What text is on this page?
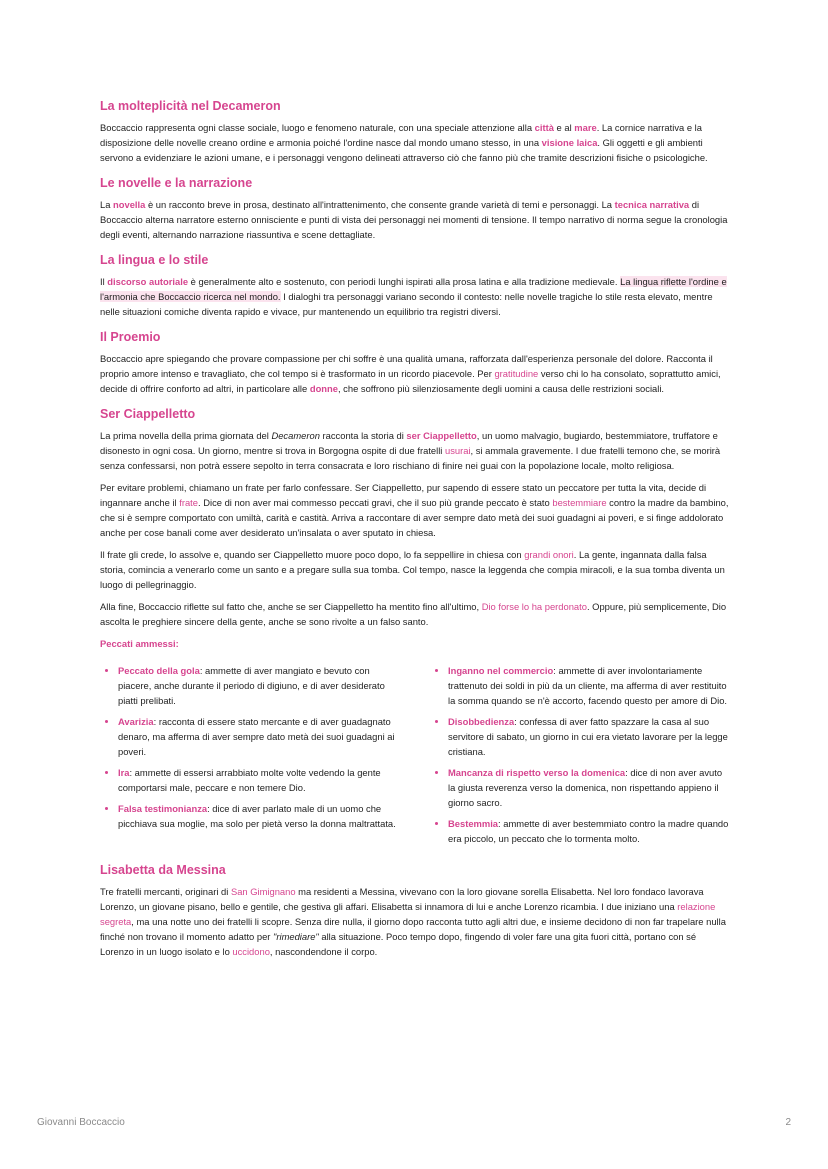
La molteplicità nel Decameron

Boccaccio rappresenta ogni classe sociale, luogo e fenomeno naturale, con una speciale attenzione alla città e al mare. La cornice narrativa e la disposizione delle novelle creano ordine e armonia poiché l'ordine nasce dal mondo umano stesso, in una visione laica. Gli oggetti e gli ambienti servono a evidenziare le azioni umane, e i personaggi vengono delineati attraverso ciò che fanno più che tramite descrizioni fisiche o psicologiche.

Le novelle e la narrazione

La novella è un racconto breve in prosa, destinato all'intrattenimento, che consente grande varietà di temi e personaggi. La tecnica narrativa di Boccaccio alterna narratore esterno onnisciente e punti di vista dei personaggi nei momenti di tensione. Il tempo narrativo di norma segue la cronologia degli eventi, alternando narrazione riassuntiva e scene dettagliate.

La lingua e lo stile

Il discorso autoriale è generalmente alto e sostenuto, con periodi lunghi ispirati alla prosa latina e alla tradizione medievale. La lingua riflette l'ordine e l'armonia che Boccaccio ricerca nel mondo. I dialoghi tra personaggi variano secondo il contesto: nelle novelle tragiche lo stile resta elevato, mentre nelle situazioni comiche diventa rapido e vivace, pur mantenendo un equilibrio tra registri diversi.

Il Proemio

Boccaccio apre spiegando che provare compassione per chi soffre è una qualità umana, rafforzata dall'esperienza personale del dolore. Racconta il proprio amore intenso e travagliato, che col tempo si è trasformato in un ricordo piacevole. Per gratitudine verso chi lo ha consolato, soprattutto amici, decide di offrire conforto ad altri, in particolare alle donne, che soffrono più silenziosamente degli uomini a causa delle restrizioni sociali.

Ser Ciappelletto

La prima novella della prima giornata del Decameron racconta la storia di ser Ciappelletto, un uomo malvagio, bugiardo, bestemmiatore, truffatore e disonesto in ogni cosa. Un giorno, mentre si trova in Borgogna ospite di due fratelli usurai, si ammala gravemente. I due fratelli temono che, se morirà senza confessarsi, non potrà essere sepolto in terra consacrata e loro rischiano di finire nei guai con la popolazione locale, molto religiosa.

Per evitare problemi, chiamano un frate per farlo confessare. Ser Ciappelletto, pur sapendo di essere stato un peccatore per tutta la vita, decide di ingannare anche il frate. Dice di non aver mai commesso peccati gravi, che il suo più grande peccato è stato bestemmiare contro la madre da bambino, che si è sempre comportato con umiltà, carità e castità. Arriva a raccontare di aver sempre dato metà dei suoi guadagni ai poveri, e si finge addolorato anche per cose banali come aver desiderato un'insalata o aver sputato in chiesa.

Il frate gli crede, lo assolve e, quando ser Ciappelletto muore poco dopo, lo fa seppellire in chiesa con grandi onori. La gente, ingannata dalla falsa storia, comincia a venerarlo come un santo e a pregare sulla sua tomba. Col tempo, nasce la leggenda che compia miracoli, e la sua tomba diventa un luogo di pellegrinaggio.

Alla fine, Boccaccio riflette sul fatto che, anche se ser Ciappelletto ha mentito fino all'ultimo, Dio forse lo ha perdonato. Oppure, più semplicemente, Dio ascolta le preghiere sincere della gente, anche se sono rivolte a un falso santo.

Peccati ammessi:
• Peccato della gola: ammette di aver mangiato e bevuto con piacere, anche durante il periodo di digiuno, e di aver desiderato piatti prelibati.
• Avarizia: racconta di essere stato mercante e di aver guadagnato denaro, ma afferma di aver sempre dato metà dei suoi guadagni ai poveri.
• Ira: ammette di essersi arrabbiato molte volte vedendo la gente comportarsi male, peccare e non temere Dio.
• Falsa testimonianza: dice di aver parlato male di un uomo che picchiava sua moglie, ma solo per pietà verso la donna maltrattata.
• Inganno nel commercio: ammette di aver involontariamente trattenuto dei soldi in più da un cliente, ma afferma di aver restituito la somma quando se n'è accorto, facendo questo per amore di Dio.
• Disobbedienza: confessa di aver fatto spazzare la casa al suo servitore di sabato, un giorno in cui era vietato lavorare per la legge cristiana.
• Mancanza di rispetto verso la domenica: dice di non aver avuto la giusta reverenza verso la domenica, non rispettando appieno il giorno sacro.
• Bestemmia: ammette di aver bestemmiato contro la madre quando era piccolo, un peccato che lo tormenta molto.
Lisabetta da Messina

Tre fratelli mercanti, originari di San Gimignano ma residenti a Messina, vivevano con la loro giovane sorella Elisabetta. Nel loro fondaco lavorava Lorenzo, un giovane pisano, bello e gentile, che gestiva gli affari. Elisabetta si innamora di lui e anche Lorenzo ricambia. I due iniziano una relazione segreta, ma una notte uno dei fratelli li scopre. Senza dire nulla, il giorno dopo racconta tutto agli altri due, e insieme decidono di non far trapelare nulla finché non trovano il momento adatto per "rimediare" alla situazione. Poco tempo dopo, fingendo di voler fare una gita fuori città, portano con sé Lorenzo in un luogo isolato e lo uccidono, nascondendone il corpo.

Giovanni Boccaccio	2
